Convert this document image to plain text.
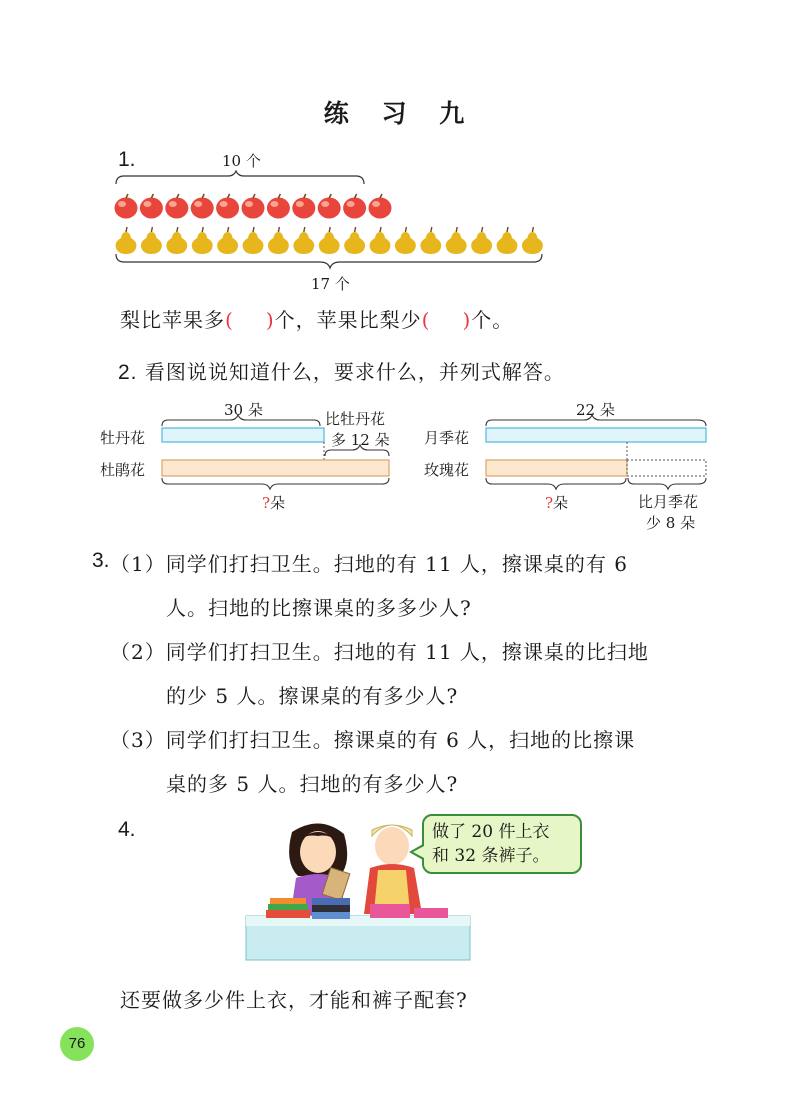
练 习 九
1.	10 个
17 个
梨比苹果多( )个，苹果比梨少( )个。
2. 看图说说知道什么，要求什么，并列式解答。
30 朵
牡丹花
杜鹃花
比牡丹花
多 12 朵
?朵
22 朵
月季花
玫瑰花
?朵	比月季花
少 8 朵
3. （1）同学们打扫卫生。扫地的有 11 人，擦课桌的有 6
人。扫地的比擦课桌的多多少人?
（2）同学们打扫卫生。扫地的有 11 人，擦课桌的比扫地
的少 5 人。擦课桌的有多少人?
（3）同学们打扫卫生。擦课桌的有 6 人，扫地的比擦课
桌的多 5 人。扫地的有多少人?
4.	做了 20 件上衣
和 32 条裤子。
还要做多少件上衣，才能和裤子配套?
76
